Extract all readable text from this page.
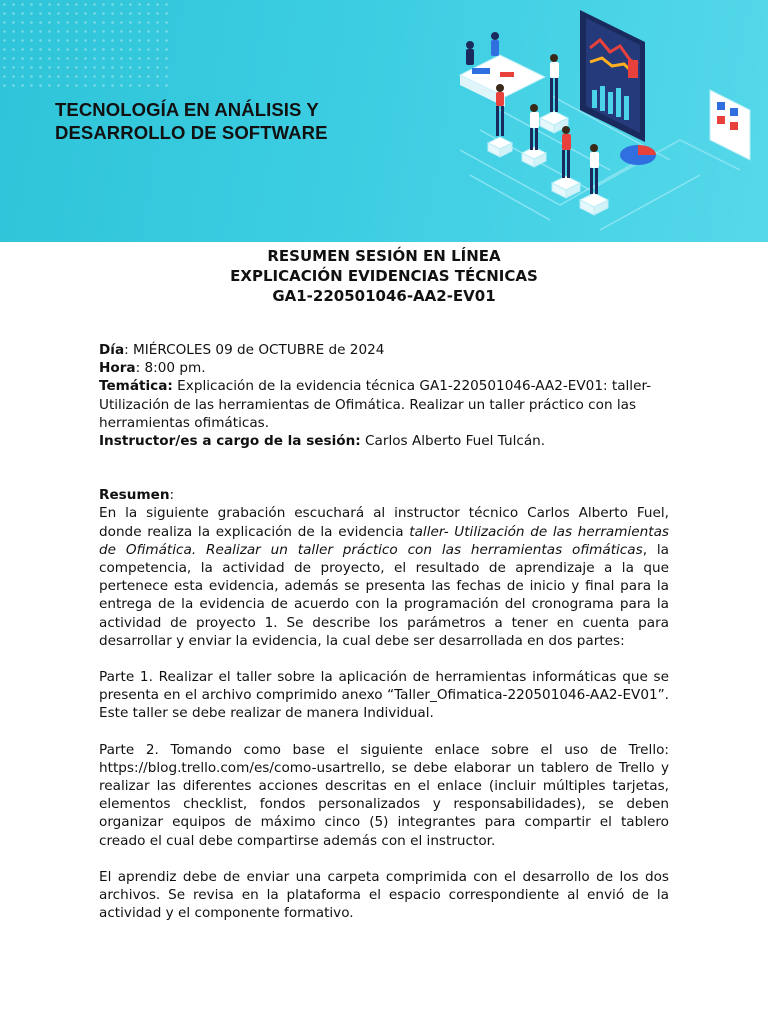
TECNOLOGÍA EN ANÁLISIS Y
DESARROLLO DE SOFTWARE
RESUMEN SESIÓN EN LÍNEA
EXPLICACIÓN EVIDENCIAS TÉCNICAS
GA1-220501046-AA2-EV01

Día: MIÉRCOLES 09 de OCTUBRE de 2024

Hora: 8:00 pm.

Temática: Explicación de la evidencia técnica GA1-220501046-AA2-EV01: taller- Utilización de las herramientas de Ofimática. Realizar un taller práctico con las herramientas ofimáticas.

Instructor/es a cargo de la sesión: Carlos Alberto Fuel Tulcán.

Resumen:

En la siguiente grabación escuchará al instructor técnico Carlos Alberto Fuel, donde realiza la explicación de la evidencia taller- Utilización de las herramientas de Ofimática. Realizar un taller práctico con las herramientas ofimáticas, la competencia, la actividad de proyecto, el resultado de aprendizaje a la que pertenece esta evidencia, además se presenta las fechas de inicio y final para la entrega de la evidencia de acuerdo con la programación del cronograma para la actividad de proyecto 1. Se describe los parámetros a tener en cuenta para desarrollar y enviar la evidencia, la cual debe ser desarrollada en dos partes:

Parte 1. Realizar el taller sobre la aplicación de herramientas informáticas que se presenta en el archivo comprimido anexo “Taller_Ofimatica-220501046-AA2-EV01”. Este taller se debe realizar de manera Individual.

Parte 2. Tomando como base el siguiente enlace sobre el uso de Trello: https://blog.trello.com/es/como-usartrello, se debe elaborar un tablero de Trello y realizar las diferentes acciones descritas en el enlace (incluir múltiples tarjetas, elementos checklist, fondos personalizados y responsabilidades), se deben organizar equipos de máximo cinco (5) integrantes para compartir el tablero creado el cual debe compartirse además con el instructor.

El aprendiz debe de enviar una carpeta comprimida con el desarrollo de los dos archivos. Se revisa en la plataforma el espacio correspondiente al envió de la actividad y el componente formativo.
